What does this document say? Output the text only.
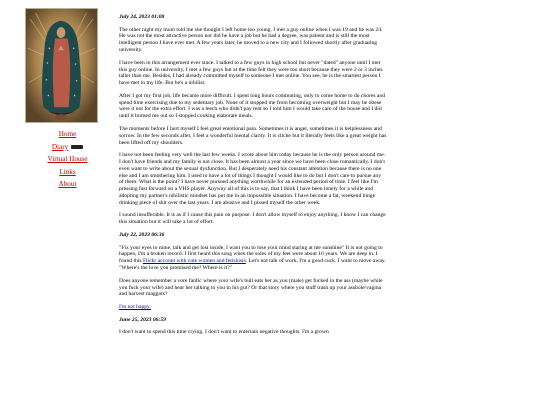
Home
Diary
Virtual House
Links
About

July 24, 2023 01:08

The other night my mom told me she thought I left home too young. I met a guy online when I was 19 and he was 24. He was not the most attractive person nor did he have a job but he had a degree, was patient and is still the most intelligent person I have ever met. A few years later, he moved to a new city and I followed shortly after graduating university.

I have been in this arrangement ever since. I talked to a few guys in high school but never "dated" anyone until I met this guy online. In university, I met a few guys but at the time felt they were too short because they were 2 or 3 inches taller than me. Besides, I had already committed myself to someone I met online. You see, he is the smartest person I have met in my life. But he's a nihilist.

After I got my first job, life became more difficult. I spent long hours commuting, only to come home to do chores and spend time exercising due to my sedentary job. None of it stopped me from becoming overweight but I may be obese were it not for the extra effort. I was a leech who didn't pay rent so I told him I would take care of the house and I did until it burned me out so I stopped cooking elaborate meals.

The moments before I hurt myself I feel great emotional pain. Sometimes it is anger, sometimes it is helplessness and sorrow. In the few seconds after, I feel a wonderful mental clarity. It is cliche but it literally feels like a great weight has been lifted off my shoulders.

I have not been feeling very well the last few weeks. I wrote about him today because he is the only person around me. I don't have friends and my family is not close. It has been almost a year since we have been close romantically. I don't even want to write about the sexual dysfunction. But I desperately need his constant attention because there is no one else and I am smothering him. I used to have a lot of things I thought I would like to do but I don't care to pursue any of them. What is the point? I have never pursued anything worthwhile for an extended period of time. I feel like I'm pressing fast forward on a VHS player. Anyway all of this is to say, that I think I have been lonely for a while and adopting my partner's nihilistic mindset has put me in an impossible situation. I have become a fat, weekend binge drinking piece of shit over the last years. I am abusive and I pissed myself the other week.

I sound insufferable. It is as if I cause this pain on purpose. I don't allow myself to enjoy anything. I know I can change this situation but it will take a lot of effort.

July 22, 2023 06:36

"Fix your eyes to mine, talk and get lost inside, I want you to lose your mind staring at me sunshine" It is not going to happen, I'm a broken record. I first heard this song when the soles of my feet were about 16 years. We are deep in. I found this Flickr account with cute women and fetishists. Let's not talk of work, I'm a good cuck. I want to move away. "Where's the love you promised me? Where is it?"

Does anyone remember a vore fanfic where your wife's bull eats her as you (male) get fucked in the ass (maybe while you fuck your wife) and hear her talking to you in his gut? Or that story where you stuff trash up your asshole/vagina and harvest maggots?

I'm not happy.

June 25, 2023 06:59

I don't want to spend this time crying. I don't want to entertain negative thoughts. I'm a grown
